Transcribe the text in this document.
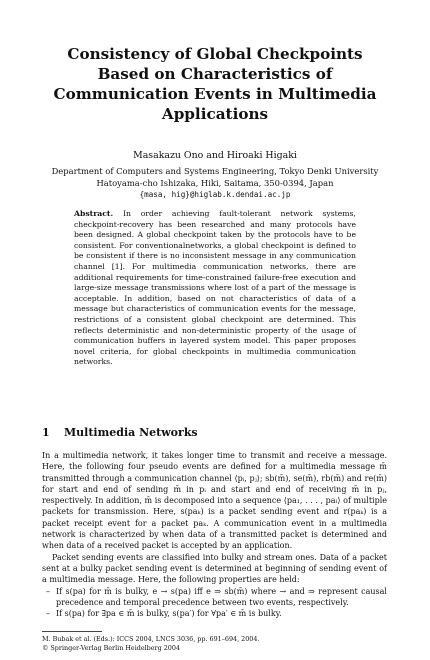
Consistency of Global Checkpoints Based on Characteristics of Communication Events in Multimedia Applications
Masakazu Ono and Hiroaki Higaki
Department of Computers and Systems Engineering, Tokyo Denki University
Hatoyama-cho Ishizaka, Hiki, Saitama, 350-0394, Japan
{masa, hig}@higlab.k.dendai.ac.jp
Abstract. In order achieving fault-tolerant network systems, checkpoint-recovery has been researched and many protocols have been designed. A global checkpoint taken by the protocols have to be consistent. For conventionalnetworks, a global checkpoint is defined to be consistent if there is no inconsistent message in any communication channel [1]. For multimedia communication networks, there are additional requirements for time-constrained failure-free execution and large-size message transmissions where lost of a part of the message is acceptable. In addition, based on not characteristics of data of a message but characteristics of communication events for the message, restrictions of a consistent global checkpoint are determined. This reflects deterministic and non-deterministic property of the usage of communication buffers in layered system model. This paper proposes novel criteria, for global checkpoints in multimedia communication networks.
1 Multimedia Networks

In a multimedia network, it takes longer time to transmit and receive a message. Here, the following four pseudo events are defined for a multimedia message m̄ transmitted through a communication channel ⟨pᵢ, pⱼ⟩; sb(m̄), se(m̄), rb(m̄) and re(m̄) for start and end of sending m̄ in pᵢ and start and end of receiving m̄ in pⱼ, respectively. In addition, m̄ is decomposed into a sequence ⟨pa₁, . . . , paₗ⟩ of multiple packets for transmission. Here, s(paₖ) is a packet sending event and r(paₖ) is a packet receipt event for a packet paₖ. A communication event in a multimedia network is characterized by when data of a transmitted packet is determined and when data of a received packet is accepted by an application.

Packet sending events are classified into bulky and stream ones. Data of a packet sent at a bulky packet sending event is determined at beginning of sending event of a multimedia message. Here, the following properties are held:

– If s(pa) for m̄ is bulky, e → s(pa) iff e ⇒ sb(m̄) where → and ⇒ represent causal precedence and temporal precedence between two events, respectively.
– If s(pa) for ∃pa ∈ m̄ is bulky, s(pa′) for ∀pa′ ∈ m̄ is bulky.
M. Bubak et al. (Eds.): ICCS 2004, LNCS 3036, pp. 691–694, 2004.
© Springer-Verlag Berlin Heidelberg 2004
